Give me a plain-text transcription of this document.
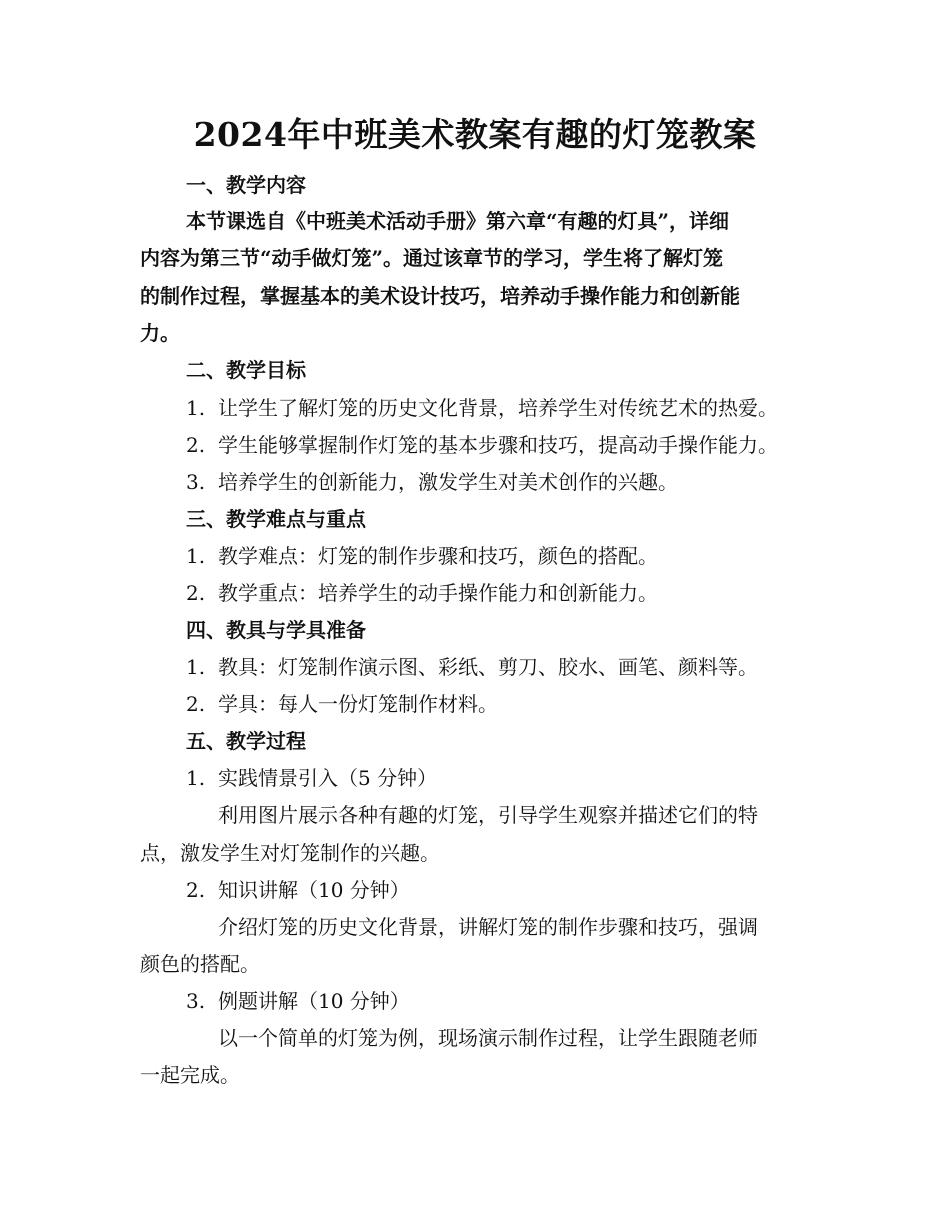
2024年中班美术教案有趣的灯笼教案
一、教学内容
本节课选自《中班美术活动手册》第六章“有趣的灯具”，详细
内容为第三节“动手做灯笼”。通过该章节的学习，学生将了解灯笼
的制作过程，掌握基本的美术设计技巧，培养动手操作能力和创新能
力。
二、教学目标
1. 让学生了解灯笼的历史文化背景，培养学生对传统艺术的热爱。
2. 学生能够掌握制作灯笼的基本步骤和技巧，提高动手操作能力。
3. 培养学生的创新能力，激发学生对美术创作的兴趣。
三、教学难点与重点
1. 教学难点：灯笼的制作步骤和技巧，颜色的搭配。
2. 教学重点：培养学生的动手操作能力和创新能力。
四、教具与学具准备
1. 教具：灯笼制作演示图、彩纸、剪刀、胶水、画笔、颜料等。
2. 学具：每人一份灯笼制作材料。
五、教学过程
1. 实践情景引入（5 分钟）
利用图片展示各种有趣的灯笼，引导学生观察并描述它们的特
点，激发学生对灯笼制作的兴趣。
2. 知识讲解（10 分钟）
介绍灯笼的历史文化背景，讲解灯笼的制作步骤和技巧，强调
颜色的搭配。
3. 例题讲解（10 分钟）
以一个简单的灯笼为例，现场演示制作过程，让学生跟随老师
一起完成。
